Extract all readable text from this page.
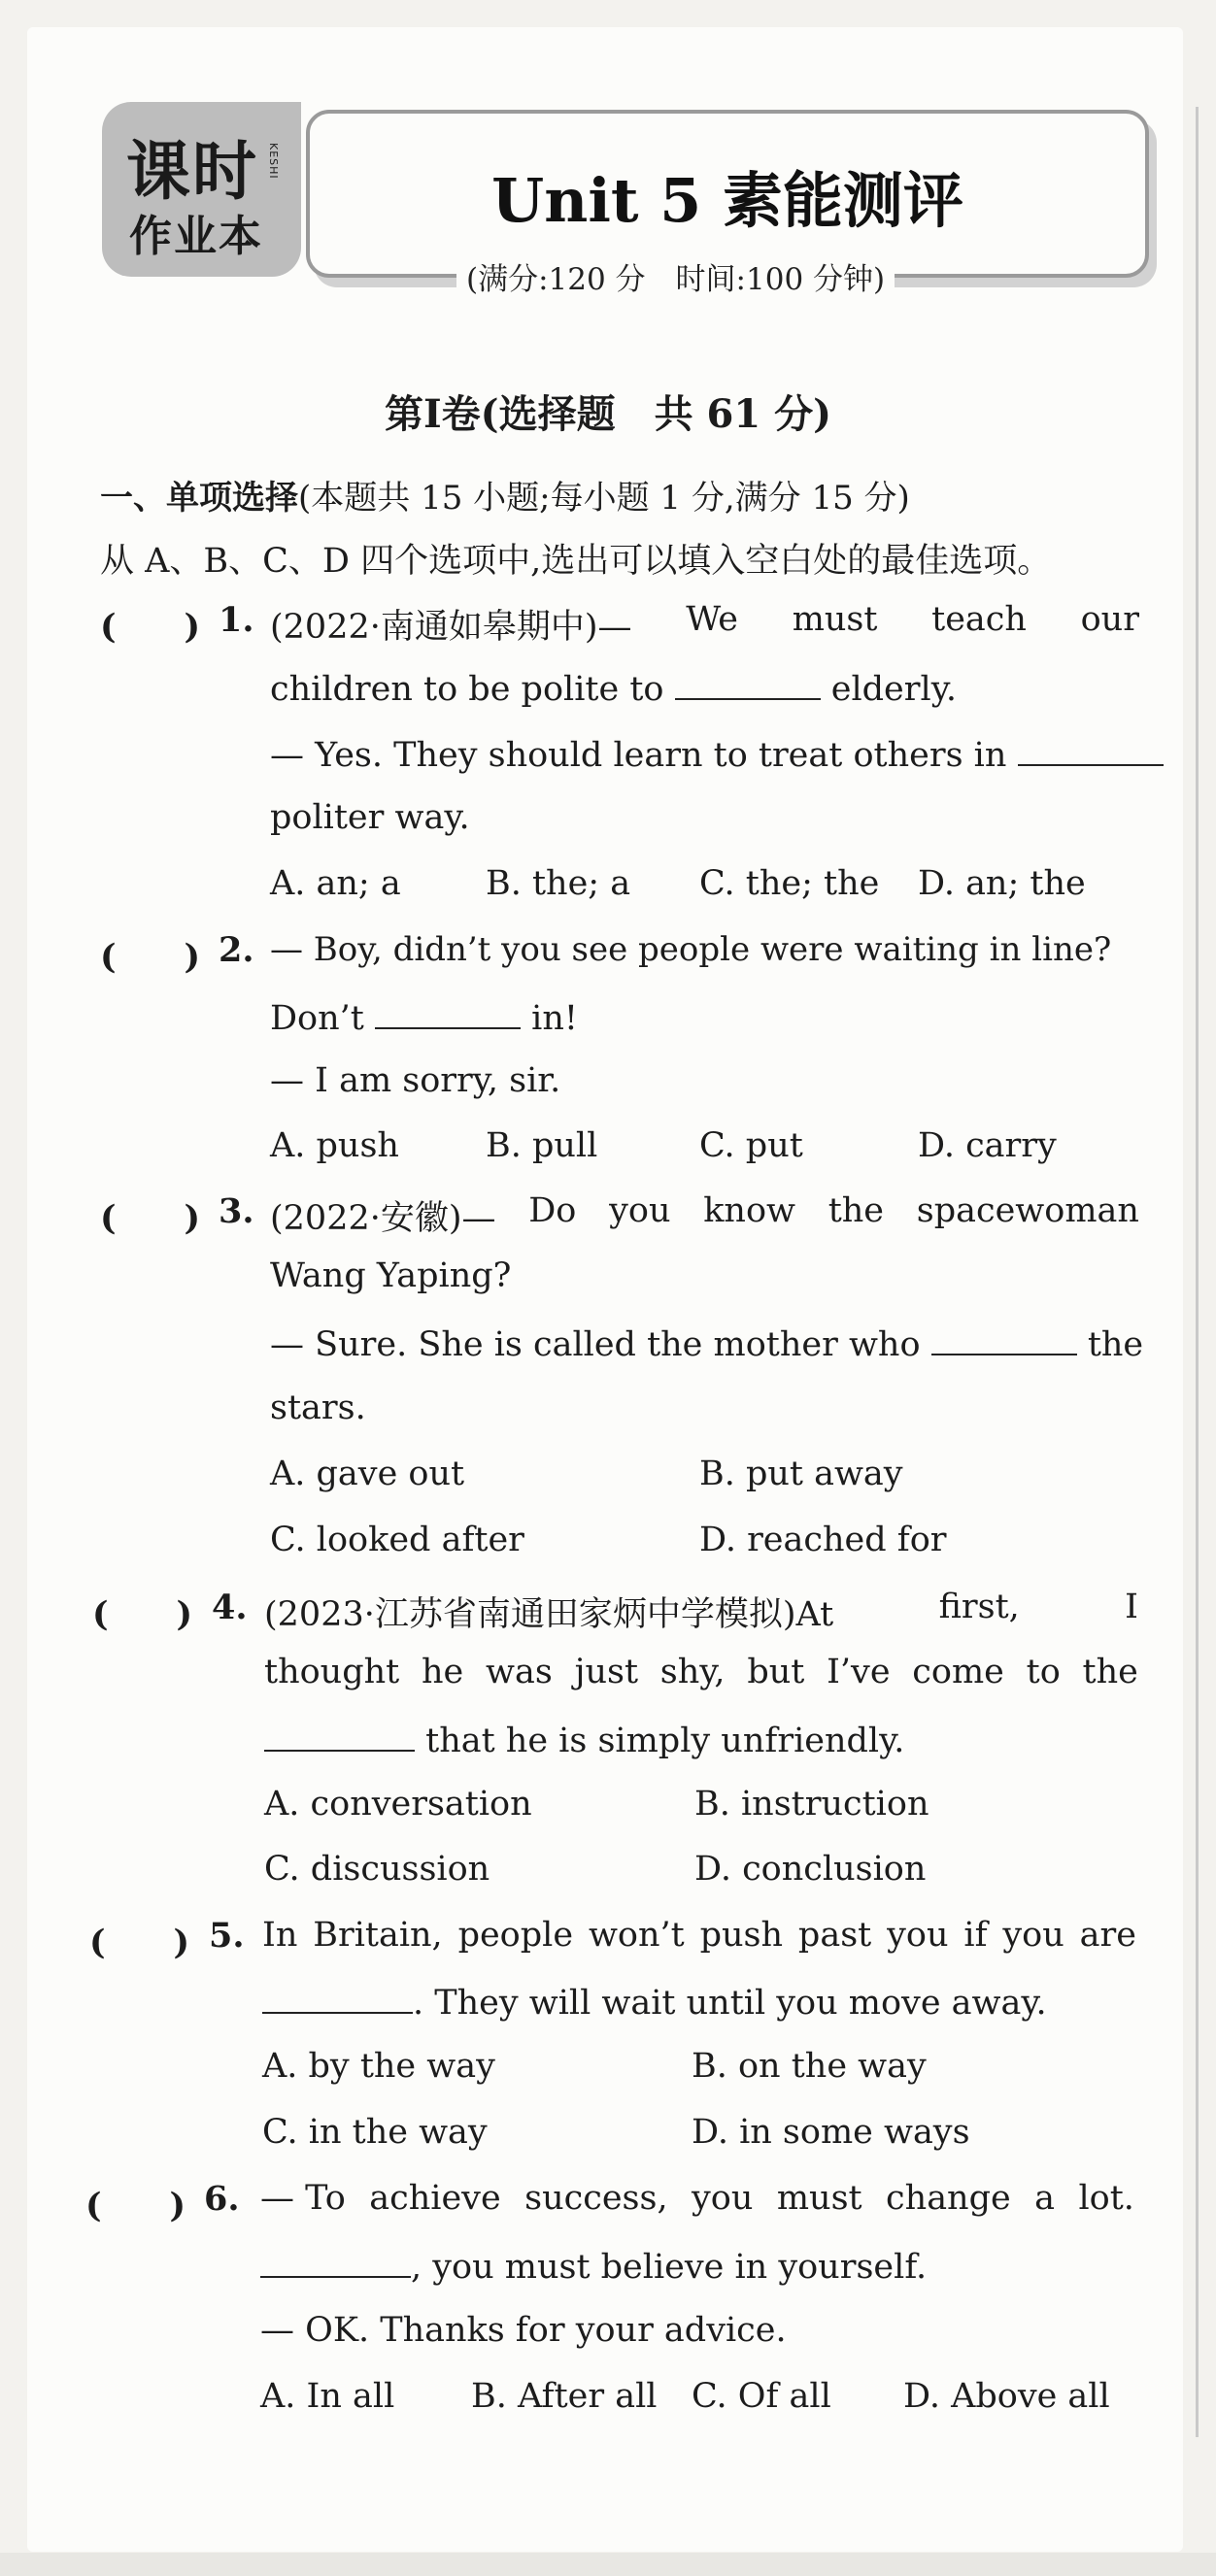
课时 KESHI
作业本
Unit 5 素能测评
(满分:120 分　时间:100 分钟)
第Ⅰ卷(选择题　共 61 分)
一、单项选择(本题共 15 小题;每小题 1 分,满分 15 分)
从 A、B、C、D 四个选项中,选出可以填入空白处的最佳选项。
(　　) 1. (2022·南通如皋期中)— We must teach our
children to be polite to	elderly.
— Yes. They should learn to treat others in
politer way.
A. an; a B. the; a C. the; the D. an; the
(　　) 2. — Boy, didn’t you see people were waiting in line?
Don’t	in!
— I am sorry, sir.
A. push	B. pull	C. put	D. carry
(　　) 3. (2022·安徽)— Do you know the spacewoman
Wang Yaping?
— Sure. She is called the mother who	the
stars.
A. gave out	B. put away
C. looked after	D. reached for
(　　) 4. (2023·江苏省南通田家炳中学模拟)At	first,	I
thought he was just shy, but I’ve come to the
that he is simply unfriendly.
A. conversation	B. instruction
C. discussion	D. conclusion
(　　) 5. In Britain, people won’t push past you if you are
. They will wait until you move away.
A. by the way	B. on the way
C. in the way	D. in some ways
(　　) 6. — To achieve success, you must change a lot.
, you must believe in yourself.
— OK. Thanks for your advice.
A. In all B. After all C. Of all D. Above all
